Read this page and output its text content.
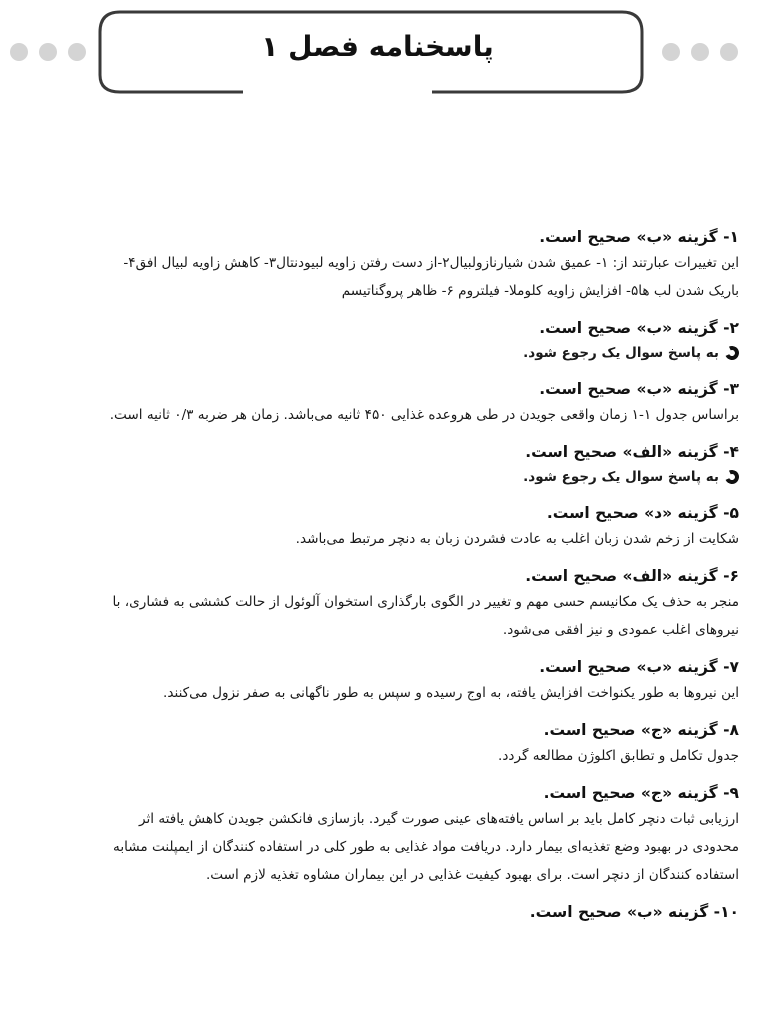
پاسخنامه فصل ۱
۱- گزینه «ب» صحیح است.
این تغییرات عبارتند از: ۱- عمیق شدن شیارنازولبیال۲-از دست رفتن زاویه لبیودنتال۳- کاهش زاویه لبیال افق۴-
باریک شدن لب ها۵- افزایش زاویه کلوملا- فیلتروم ۶- ظاهر پروگناتیسم
۲- گزینه «ب» صحیح است.
به پاسخ سوال یک رجوع شود.
۳- گزینه «ب» صحیح است.
براساس جدول ۱-۱ زمان واقعی جویدن در طی هروعده غذایی ۴۵۰ ثانیه می‌باشد. زمان هر ضربه ۰/۳ ثانیه است.
۴- گزینه «الف» صحیح است.
به پاسخ سوال یک رجوع شود.
۵- گزینه «د» صحیح است.
شکایت از زخم شدن زبان اغلب به عادت فشردن زبان به دنچر مرتبط می‌باشد.
۶- گزینه «الف» صحیح است.
منجر به حذف یک مکانیسم حسی مهم و تغییر در الگوی بارگذاری استخوان آلوئول از حالت کششی به فشاری، با
نیروهای اغلب عمودی و نیز افقی می‌شود.
۷- گزینه «ب» صحیح است.
این نیروها به طور یکنواخت افزایش یافته، به اوج رسیده و سپس به طور ناگهانی به صفر نزول می‌کنند.
۸- گزینه «ج» صحیح است.
جدول تکامل و تطابق اکلوژن مطالعه گردد.
۹- گزینه «ج» صحیح است.
ارزیابی ثبات دنچر کامل باید بر اساس یافته‌های عینی صورت گیرد. بازسازی فانکشن جویدن کاهش یافته اثر
محدودی در بهبود وضع تغذیه‌ای بیمار دارد. دریافت مواد غذایی به طور کلی در استفاده کنندگان از ایمپلنت مشابه
استفاده کنندگان از دنچر است. برای بهبود کیفیت غذایی در این بیماران مشاوه تغذیه لازم است.
۱۰- گزینه «ب» صحیح است.
